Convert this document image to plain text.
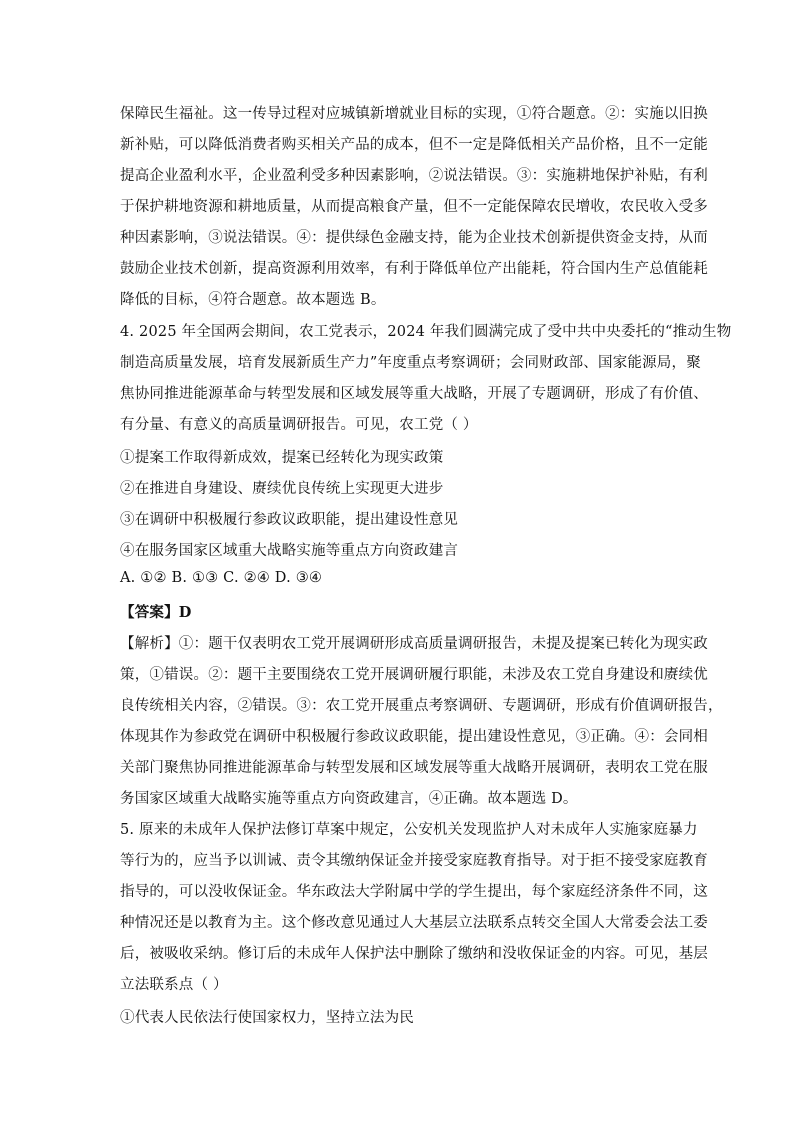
保障民生福祉。这一传导过程对应城镇新增就业目标的实现，①符合题意。②：实施以旧换
新补贴，可以降低消费者购买相关产品的成本，但不一定是降低相关产品价格，且不一定能
提高企业盈利水平，企业盈利受多种因素影响，②说法错误。③：实施耕地保护补贴，有利
于保护耕地资源和耕地质量，从而提高粮食产量，但不一定能保障农民增收，农民收入受多
种因素影响，③说法错误。④：提供绿色金融支持，能为企业技术创新提供资金支持，从而
鼓励企业技术创新，提高资源利用效率，有利于降低单位产出能耗，符合国内生产总值能耗
降低的目标，④符合题意。故本题选 B。
4. 2025 年全国两会期间，农工党表示，2024 年我们圆满完成了受中共中央委托的“推动生物
制造高质量发展，培育发展新质生产力”年度重点考察调研；会同财政部、国家能源局，聚
焦协同推进能源革命与转型发展和区域发展等重大战略，开展了专题调研，形成了有价值、
有分量、有意义的高质量调研报告。可见，农工党（ ）
①提案工作取得新成效，提案已经转化为现实政策
②在推进自身建设、赓续优良传统上实现更大进步
③在调研中积极履行参政议政职能，提出建设性意见
④在服务国家区域重大战略实施等重点方向资政建言
A. ①② B. ①③ C. ②④ D. ③④
【答案】D
【解析】①：题干仅表明农工党开展调研形成高质量调研报告，未提及提案已转化为现实政
策，①错误。②：题干主要围绕农工党开展调研履行职能，未涉及农工党自身建设和赓续优
良传统相关内容，②错误。③：农工党开展重点考察调研、专题调研，形成有价值调研报告，
体现其作为参政党在调研中积极履行参政议政职能，提出建设性意见，③正确。④：会同相
关部门聚焦协同推进能源革命与转型发展和区域发展等重大战略开展调研，表明农工党在服
务国家区域重大战略实施等重点方向资政建言，④正确。故本题选 D。
5. 原来的未成年人保护法修订草案中规定，公安机关发现监护人对未成年人实施家庭暴力
等行为的，应当予以训诫、责令其缴纳保证金并接受家庭教育指导。对于拒不接受家庭教育
指导的，可以没收保证金。华东政法大学附属中学的学生提出，每个家庭经济条件不同，这
种情况还是以教育为主。这个修改意见通过人大基层立法联系点转交全国人大常委会法工委
后，被吸收采纳。修订后的未成年人保护法中删除了缴纳和没收保证金的内容。可见，基层
立法联系点（ ）
①代表人民依法行使国家权力，坚持立法为民
